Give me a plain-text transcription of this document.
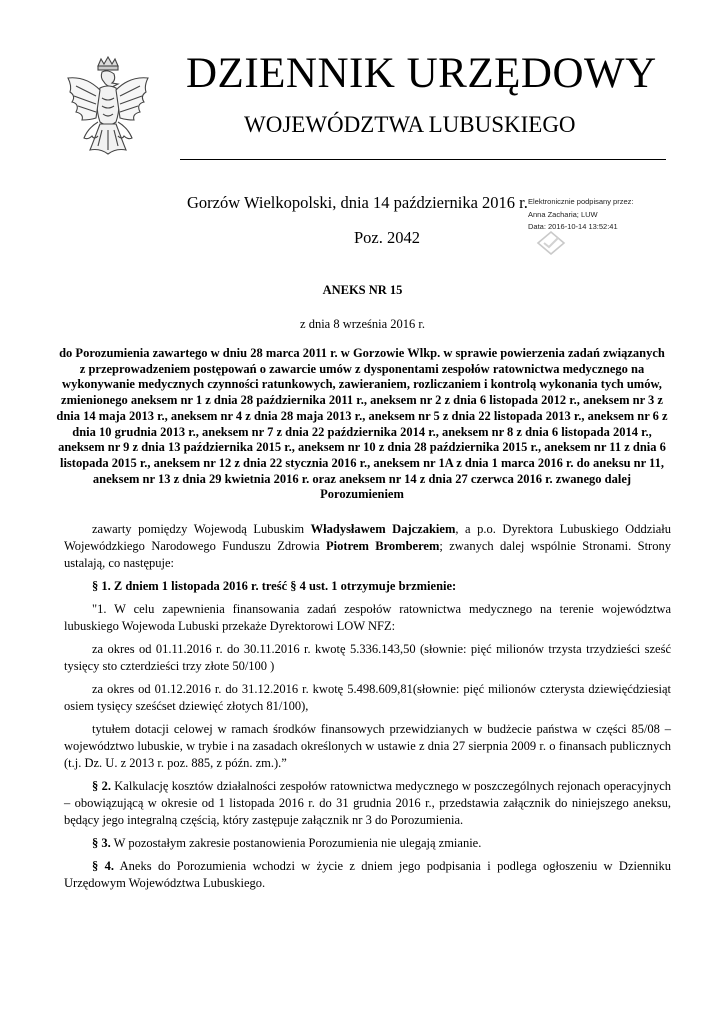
DZIENNIK URZĘDOWY
WOJEWÓDZTWA LUBUSKIEGO
Gorzów Wielkopolski, dnia 14 października 2016 r.
Poz. 2042
Elektronicznie podpisany przez:
Anna Zacharia; LUW
Data: 2016-10-14 13:52:41
ANEKS NR 15
z dnia 8 września 2016 r.
do Porozumienia zawartego w dniu 28 marca 2011 r. w Gorzowie Wlkp. w sprawie powierzenia zadań związanych z przeprowadzeniem postępowań o zawarcie umów z dysponentami zespołów ratownictwa medycznego na wykonywanie medycznych czynności ratunkowych, zawieraniem, rozliczaniem i kontrolą wykonania tych umów, zmienionego aneksem nr 1 z dnia 28 października 2011 r., aneksem nr 2 z dnia 6 listopada 2012 r., aneksem nr 3 z dnia 14 maja 2013 r., aneksem nr 4 z dnia 28 maja 2013 r., aneksem nr 5 z dnia 22 listopada 2013 r., aneksem nr 6 z dnia 10 grudnia 2013 r., aneksem nr 7 z dnia 22 października 2014 r., aneksem nr 8 z dnia 6 listopada 2014 r., aneksem nr 9 z dnia 13 października 2015 r., aneksem nr 10 z dnia 28 października 2015 r., aneksem nr 11 z dnia 6 listopada 2015 r., aneksem nr 12 z dnia 22 stycznia 2016 r., aneksem nr 1A z dnia 1 marca 2016 r. do aneksu nr 11, aneksem nr 13 z dnia 29 kwietnia 2016 r. oraz aneksem nr 14 z dnia 27 czerwca 2016 r. zwanego dalej Porozumieniem

zawarty pomiędzy Wojewodą Lubuskim Władysławem Dajczakiem, a p.o. Dyrektora Lubuskiego Oddziału Wojewódzkiego Narodowego Funduszu Zdrowia Piotrem Bromberem; zwanych dalej wspólnie Stronami. Strony ustalają, co następuje:

§ 1. Z dniem 1 listopada 2016 r. treść § 4 ust. 1 otrzymuje brzmienie:

"1. W celu zapewnienia finansowania zadań zespołów ratownictwa medycznego na terenie województwa lubuskiego Wojewoda Lubuski przekaże Dyrektorowi LOW NFZ:

za okres od 01.11.2016 r. do 30.11.2016 r. kwotę 5.336.143,50 (słownie: pięć milionów trzysta trzydzieści sześć tysięcy sto czterdzieści trzy złote 50/100 )

za okres od 01.12.2016 r. do 31.12.2016 r. kwotę 5.498.609,81(słownie: pięć milionów czterysta dziewięćdziesiąt osiem tysięcy sześćset dziewięć złotych 81/100),

tytułem dotacji celowej w ramach środków finansowych przewidzianych w budżecie państwa w części 85/08 – województwo lubuskie, w trybie i na zasadach określonych w ustawie z dnia 27 sierpnia 2009 r. o finansach publicznych (t.j. Dz. U. z 2013 r. poz. 885, z późn. zm.).”

§ 2. Kalkulację kosztów działalności zespołów ratownictwa medycznego w poszczególnych rejonach operacyjnych – obowiązującą w okresie od 1 listopada 2016 r. do 31 grudnia 2016 r., przedstawia załącznik do niniejszego aneksu, będący jego integralną częścią, który zastępuje załącznik nr 3 do Porozumienia.

§ 3. W pozostałym zakresie postanowienia Porozumienia nie ulegają zmianie.

§ 4. Aneks do Porozumienia wchodzi w życie z dniem jego podpisania i podlega ogłoszeniu w Dzienniku Urzędowym Województwa Lubuskiego.
